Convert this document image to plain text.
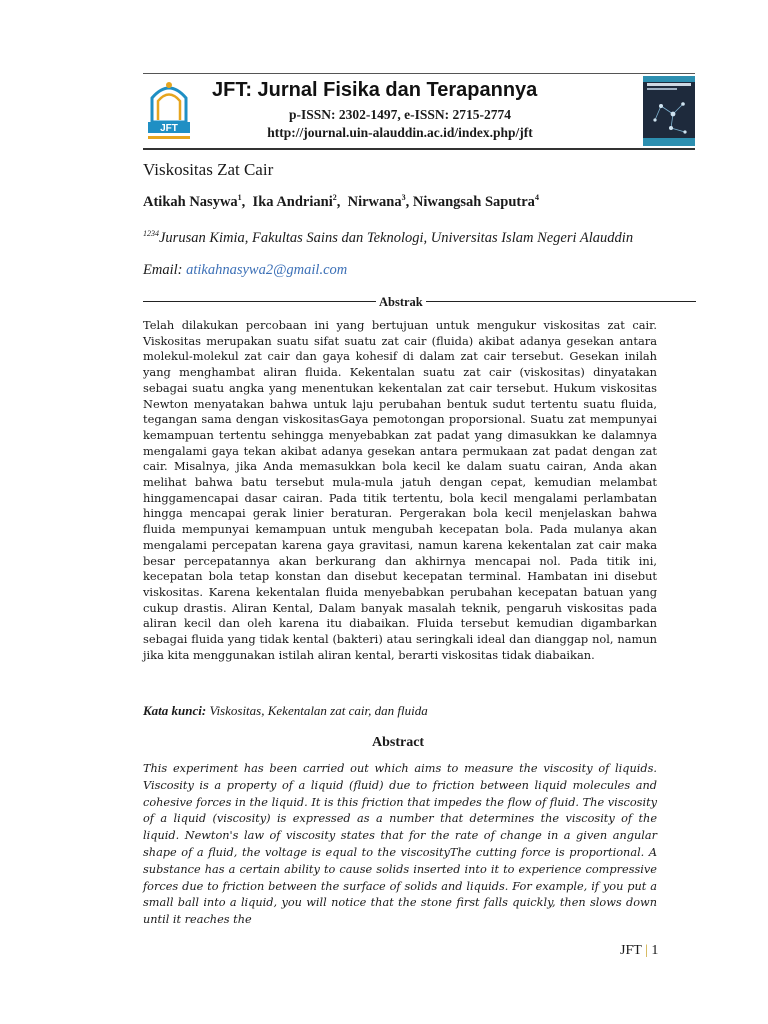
JFT
JFT: Jurnal Fisika dan Terapannya
p-ISSN: 2302-1497, e-ISSN: 2715-2774
http://journal.uin-alauddin.ac.id/index.php/jft
Viskositas Zat Cair
Atikah Nasywa$^1$,  Ika Andriani$^2$,  Nirwana$^3$, Niwangsah Saputra$^4$
$^{1234}$Jurusan Kimia, Fakultas Sains dan Teknologi, Universitas Islam Negeri Alauddin
Email: atikahnasywa2@gmail.com
Abstrak
Telah dilakukan percobaan ini yang bertujuan untuk mengukur viskositas zat cair. Viskositas merupakan suatu sifat suatu zat cair (fluida) akibat adanya gesekan antara molekul-molekul zat cair dan gaya kohesif di dalam zat cair tersebut. Gesekan inilah yang menghambat aliran fluida. Kekentalan suatu zat cair (viskositas) dinyatakan sebagai suatu angka yang menentukan kekentalan zat cair tersebut. Hukum viskositas Newton menyatakan bahwa untuk laju perubahan bentuk sudut tertentu suatu fluida, tegangan sama dengan viskositasGaya pemotongan proporsional. Suatu zat mempunyai kemampuan tertentu sehingga menyebabkan zat padat yang dimasukkan ke dalamnya mengalami gaya tekan akibat adanya gesekan antara permukaan zat padat dengan zat cair. Misalnya, jika Anda memasukkan bola kecil ke dalam suatu cairan, Anda akan melihat bahwa batu tersebut mula-mula jatuh dengan cepat, kemudian melambat hinggamencapai dasar cairan. Pada titik tertentu, bola kecil mengalami perlambatan hingga mencapai gerak linier beraturan. Pergerakan bola kecil menjelaskan bahwa fluida mempunyai kemampuan untuk mengubah kecepatan bola. Pada mulanya akan mengalami percepatan karena gaya gravitasi, namun karena kekentalan zat cair maka besar percepatannya akan berkurang dan akhirnya mencapai nol. Pada titik ini, kecepatan bola tetap konstan dan disebut kecepatan terminal. Hambatan ini disebut viskositas. Karena kekentalan fluida menyebabkan perubahan kecepatan batuan yang cukup drastis. Aliran Kental, Dalam banyak masalah teknik, pengaruh viskositas pada aliran kecil dan oleh karena itu diabaikan. Fluida tersebut kemudian digambarkan sebagai fluida yang tidak kental (bakteri) atau seringkali ideal dan dianggap nol, namun jika kita menggunakan istilah aliran kental, berarti viskositas tidak diabaikan.
Kata kunci: Viskositas, Kekentalan zat cair, dan fluida
Abstract
This experiment has been carried out which aims to measure the viscosity of liquids. Viscosity is a property of a liquid (fluid) due to friction between liquid molecules and cohesive forces in the liquid. It is this friction that impedes the flow of fluid. The viscosity of a liquid (viscosity) is expressed as a number that determines the viscosity of the liquid. Newton's law of viscosity states that for the rate of change in a given angular shape of a fluid, the voltage is equal to the viscosityThe cutting force is proportional. A substance has a certain ability to cause solids inserted into it to experience compressive forces due to friction between the surface of solids and liquids. For example, if you put a small ball into a liquid, you will notice that the stone first falls quickly, then slows down until it reaches the
JFT | 1
